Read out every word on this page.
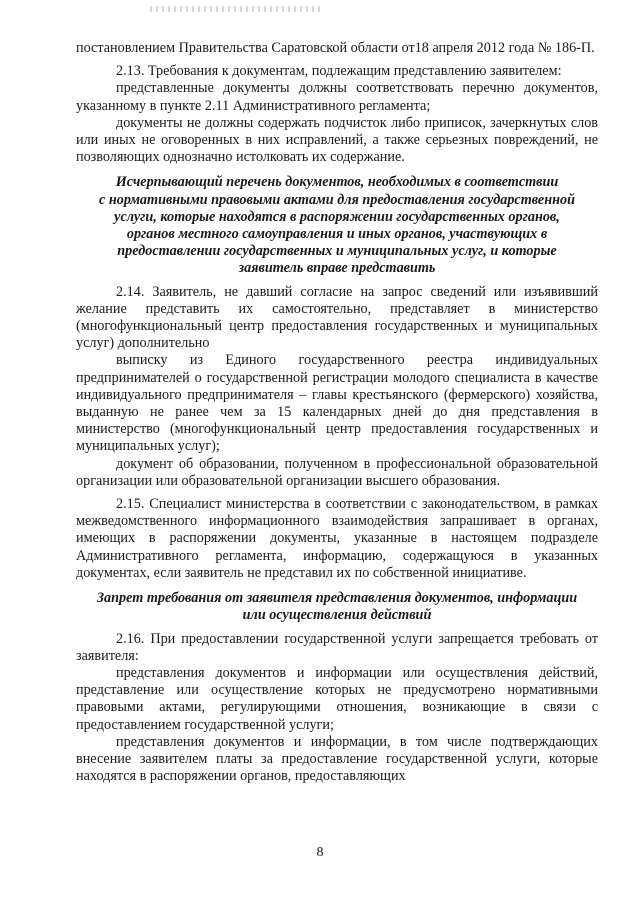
постановлением Правительства Саратовской области от18 апреля 2012 года № 186-П.

2.13. Требования к документам, подлежащим представлению заявителем:

представленные документы должны соответствовать перечню документов, указанному в пункте 2.11 Административного регламента;

документы не должны содержать подчисток либо приписок, зачеркнутых слов или иных не оговоренных в них исправлений, а также серьезных повреждений, не позволяющих однозначно истолковать их содержание.

Исчерпывающий перечень документов, необходимых в соответствии
с нормативными правовыми актами для предоставления государственной
услуги, которые находятся в распоряжении государственных органов,
органов местного самоуправления и иных органов, участвующих в
предоставлении государственных и муниципальных услуг, и которые
заявитель вправе представить

2.14. Заявитель, не давший согласие на запрос сведений или изъявивший желание представить их самостоятельно, представляет в министерство (многофункциональный центр предоставления государственных и муниципальных услуг) дополнительно

выписку из Единого государственного реестра индивидуальных предпринимателей о государственной регистрации молодого специалиста в качестве индивидуального предпринимателя – главы крестьянского (фермерского) хозяйства, выданную не ранее чем за 15 календарных дней до дня представления в министерство (многофункциональный центр предоставления государственных и муниципальных услуг);

документ об образовании, полученном в профессиональной образовательной организации или образовательной организации высшего образования.

2.15. Специалист министерства в соответствии с законодательством, в рамках межведомственного информационного взаимодействия запрашивает в органах, имеющих в распоряжении документы, указанные в настоящем подразделе Административного регламента, информацию, содержащуюся в указанных документах, если заявитель не представил их по собственной инициативе.

Запрет требования от заявителя представления документов, информации
или осуществления действий

2.16. При предоставлении государственной услуги запрещается требовать от заявителя:

представления документов и информации или осуществления действий, представление или осуществление которых не предусмотрено нормативными правовыми актами, регулирующими отношения, возникающие в связи с предоставлением государственной услуги;

представления документов и информации, в том числе подтверждающих внесение заявителем платы за предоставление государственной услуги, которые находятся в распоряжении органов, предоставляющих

8
